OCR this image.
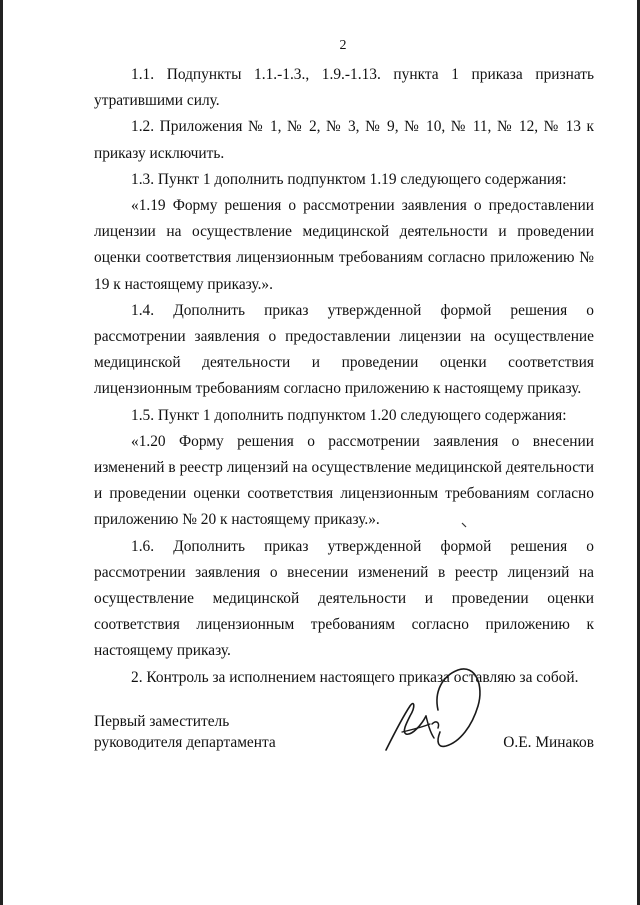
2

1.1. Подпункты 1.1.-1.3., 1.9.-1.13. пункта 1 приказа признать утратившими силу.

1.2. Приложения № 1, № 2, № 3, № 9, № 10, № 11, № 12, № 13 к приказу исключить.

1.3. Пункт 1 дополнить подпунктом 1.19 следующего содержания:

«1.19 Форму решения о рассмотрении заявления о предоставлении лицензии на осуществление медицинской деятельности и проведении оценки соответствия лицензионным требованиям согласно приложению № 19 к настоящему приказу.».

1.4. Дополнить приказ утвержденной формой решения о рассмотрении заявления о предоставлении лицензии на осуществление медицинской деятельности и проведении оценки соответствия лицензионным требованиям согласно приложению к настоящему приказу.

1.5. Пункт 1 дополнить подпунктом 1.20 следующего содержания:

«1.20 Форму решения о рассмотрении заявления о внесении изменений в реестр лицензий на осуществление медицинской деятельности и проведении оценки соответствия лицензионным требованиям согласно приложению № 20 к настоящему приказу.».

1.6. Дополнить приказ утвержденной формой решения о рассмотрении заявления о внесении изменений в реестр лицензий на осуществление медицинской деятельности и проведении оценки соответствия лицензионным требованиям согласно приложению к настоящему приказу.

2. Контроль за исполнением настоящего приказа оставляю за собой.

Первый заместитель
руководителя департамента	О.Е. Минаков
